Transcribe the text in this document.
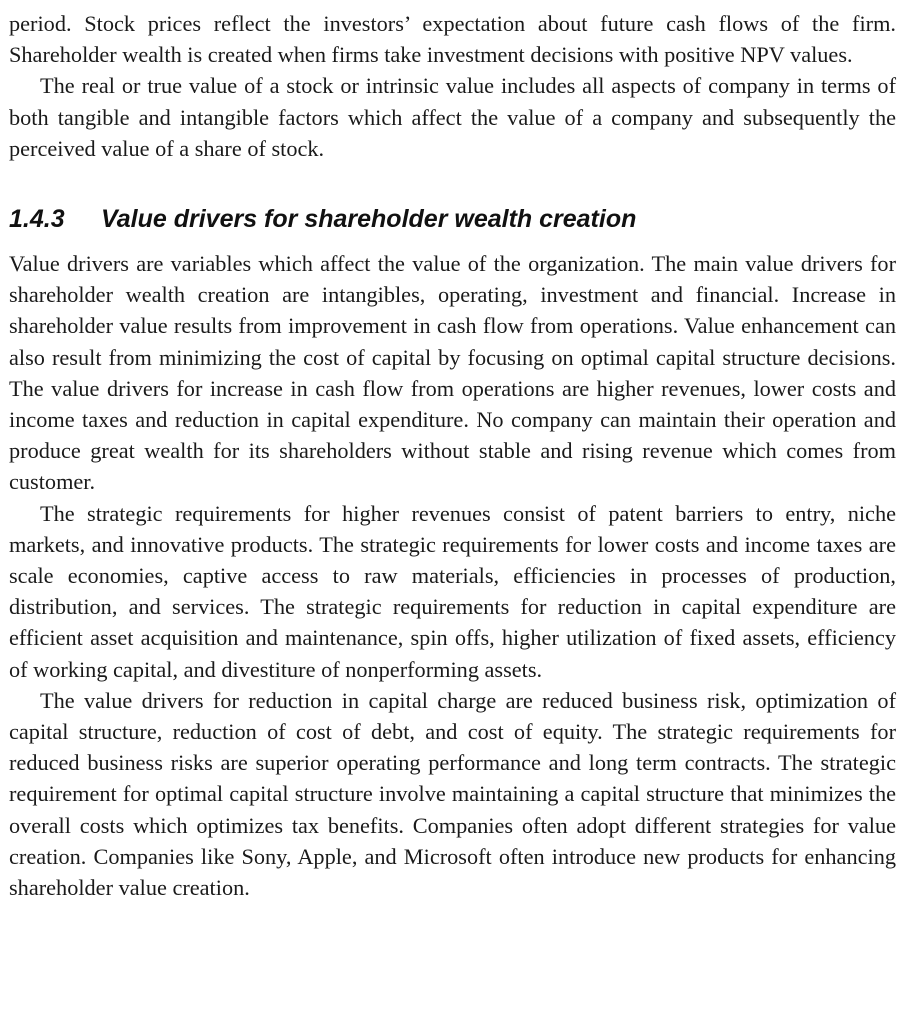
period. Stock prices reflect the investors’ expectation about future cash flows of the firm. Shareholder wealth is created when firms take investment decisions with positive NPV values.

The real or true value of a stock or intrinsic value includes all aspects of company in terms of both tangible and intangible factors which affect the value of a company and subsequently the perceived value of a share of stock.

1.4.3 Value drivers for shareholder wealth creation

Value drivers are variables which affect the value of the organization. The main value drivers for shareholder wealth creation are intangibles, operating, investment and financial. Increase in shareholder value results from improvement in cash flow from operations. Value enhancement can also result from minimizing the cost of capital by focusing on optimal capital structure decisions. The value drivers for increase in cash flow from operations are higher revenues, lower costs and income taxes and reduction in capital expenditure. No company can maintain their operation and produce great wealth for its shareholders without stable and rising revenue which comes from customer.

The strategic requirements for higher revenues consist of patent barriers to entry, niche markets, and innovative products. The strategic requirements for lower costs and income taxes are scale economies, captive access to raw materials, efficiencies in processes of production, distribution, and services. The strategic requirements for reduction in capital expenditure are efficient asset acquisition and maintenance, spin offs, higher utilization of fixed assets, efficiency of working capital, and divestiture of nonperforming assets.

The value drivers for reduction in capital charge are reduced business risk, optimization of capital structure, reduction of cost of debt, and cost of equity. The strategic requirements for reduced business risks are superior operating performance and long term contracts. The strategic requirement for optimal capital structure involve maintaining a capital structure that minimizes the overall costs which optimizes tax benefits. Companies often adopt different strategies for value creation. Companies like Sony, Apple, and Microsoft often introduce new products for enhancing shareholder value creation.
